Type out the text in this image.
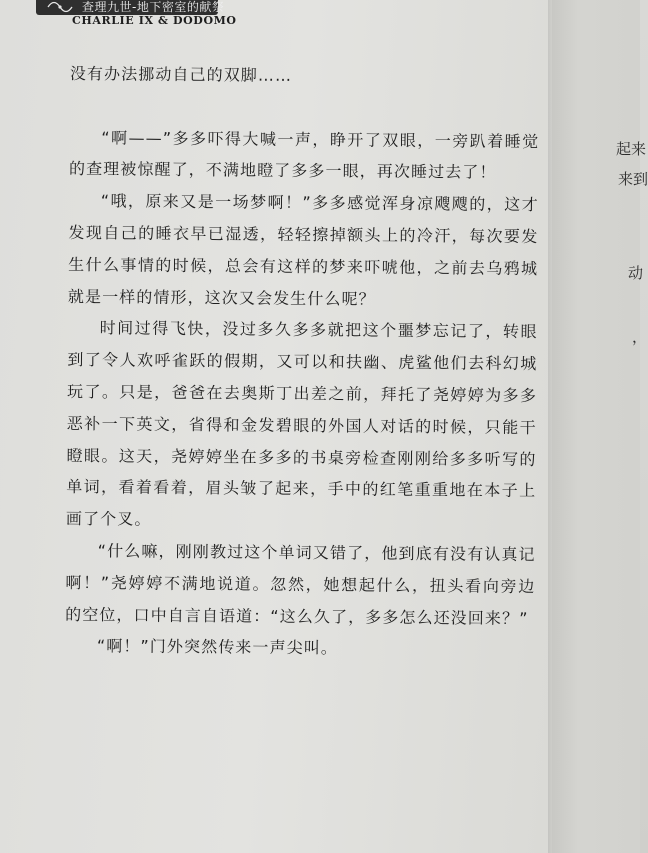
查理九世-地下密室的献祭
CHARLIE IX & DODOMO

没有办法挪动自己的双脚……

“啊——”多多吓得大喊一声，睁开了双眼，一旁趴着睡觉的查理被惊醒了，不满地瞪了多多一眼，再次睡过去了！

“哦，原来又是一场梦啊！”多多感觉浑身凉飕飕的，这才发现自己的睡衣早已湿透，轻轻擦掉额头上的冷汗，每次要发生什么事情的时候，总会有这样的梦来吓唬他，之前去乌鸦城就是一样的情形，这次又会发生什么呢？

时间过得飞快，没过多久多多就把这个噩梦忘记了，转眼到了令人欢呼雀跃的假期，又可以和扶幽、虎鲨他们去科幻城玩了。只是，爸爸在去奥斯丁出差之前，拜托了尧婷婷为多多恶补一下英文，省得和金发碧眼的外国人对话的时候，只能干瞪眼。这天，尧婷婷坐在多多的书桌旁检查刚刚给多多听写的单词，看着看着，眉头皱了起来，手中的红笔重重地在本子上画了个叉。

“什么嘛，刚刚教过这个单词又错了，他到底有没有认真记啊！”尧婷婷不满地说道。忽然，她想起什么，扭头看向旁边的空位，口中自言自语道：“这么久了，多多怎么还没回来？”

“啊！”门外突然传来一声尖叫。

起来
来到
动
，
